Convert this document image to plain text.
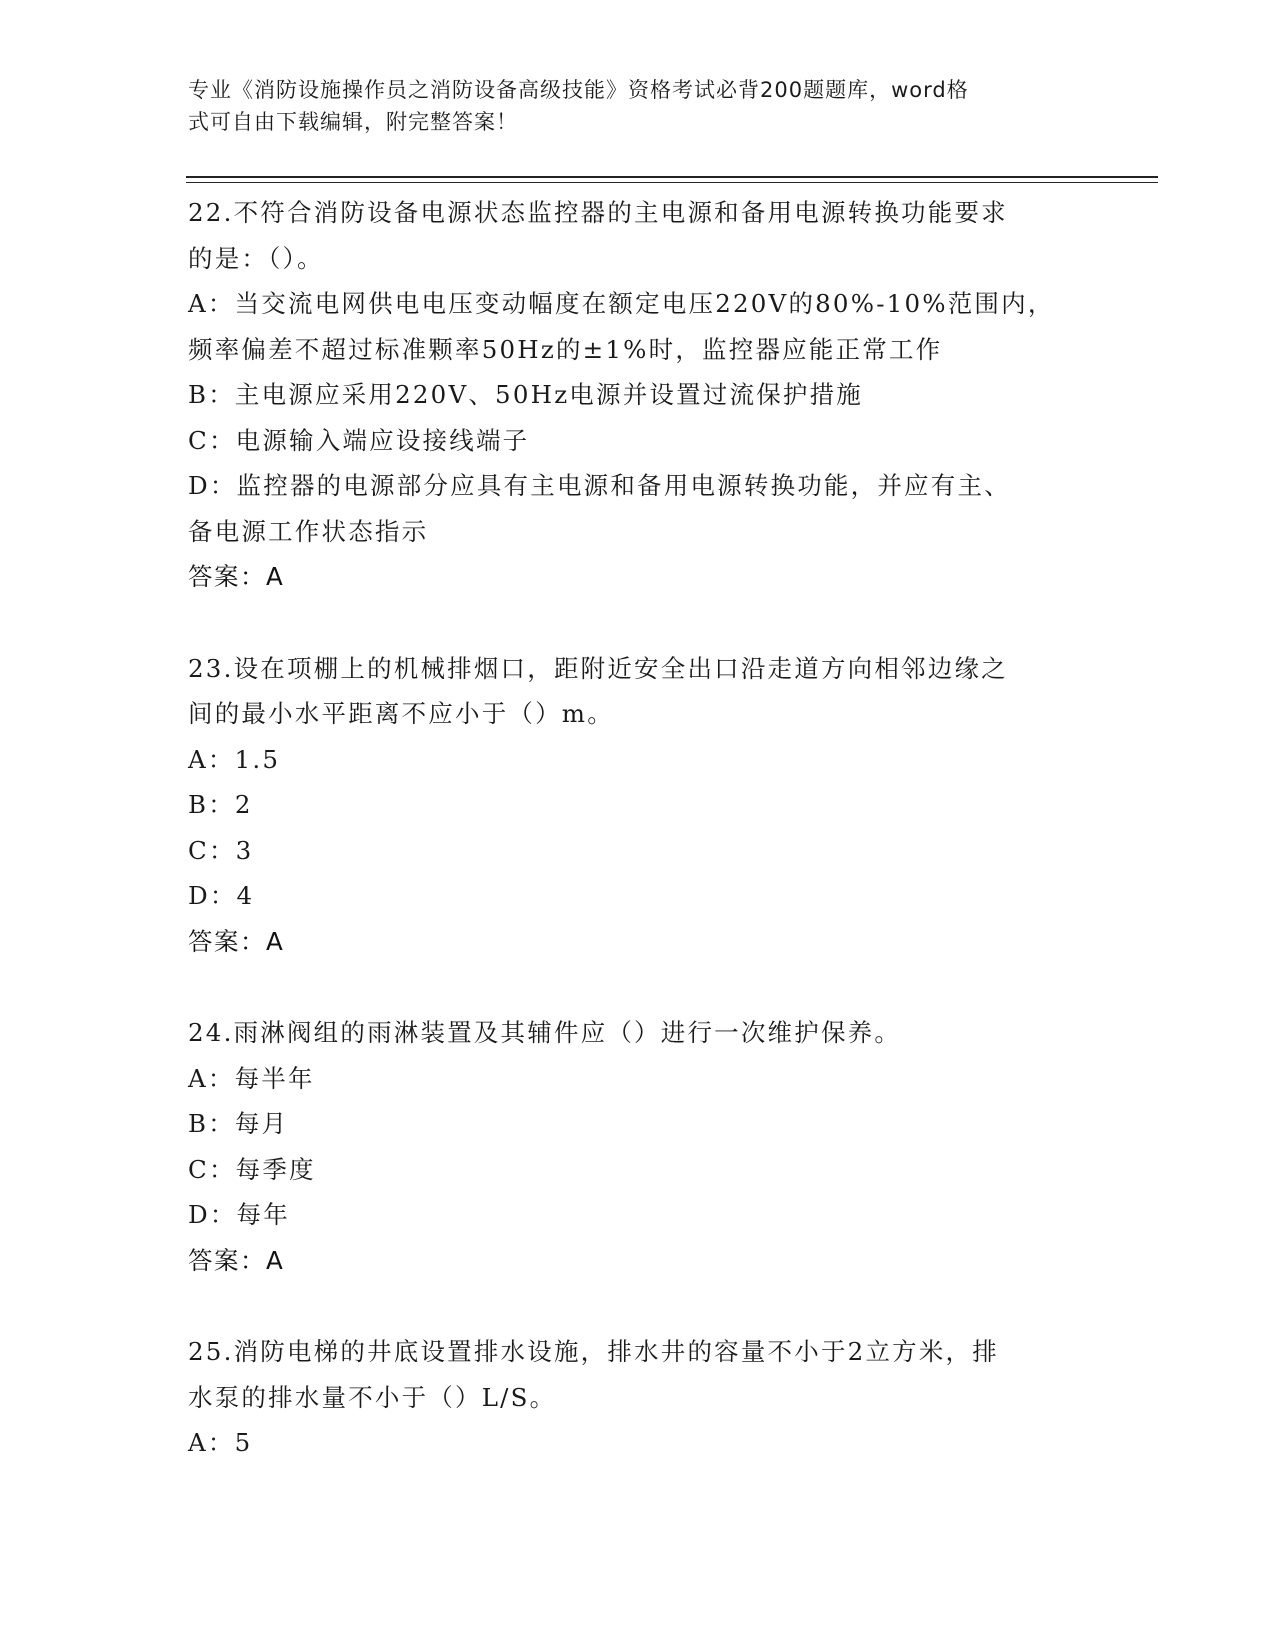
专业《消防设施操作员之消防设备高级技能》资格考试必背200题题库，word格
式可自由下载编辑，附完整答案！
22.不符合消防设备电源状态监控器的主电源和备用电源转换功能要求
的是：（）。
A：当交流电网供电电压变动幅度在额定电压220V的80%-10%范围内，
频率偏差不超过标准颗率50Hz的±1%时，监控器应能正常工作
B：主电源应采用220V、50Hz电源并设置过流保护措施
C：电源输入端应设接线端子
D：监控器的电源部分应具有主电源和备用电源转换功能，并应有主、
备电源工作状态指示
答案：A
23.设在项棚上的机械排烟口，距附近安全出口沿走道方向相邻边缘之
间的最小水平距离不应小于（）m。
A：1.5
B：2
C：3
D：4
答案：A
24.雨淋阀组的雨淋装置及其辅件应（）进行一次维护保养。
A：每半年
B：每月
C：每季度
D：每年
答案：A
25.消防电梯的井底设置排水设施，排水井的容量不小于2立方米，排
水泵的排水量不小于（）L/S。
A：5
